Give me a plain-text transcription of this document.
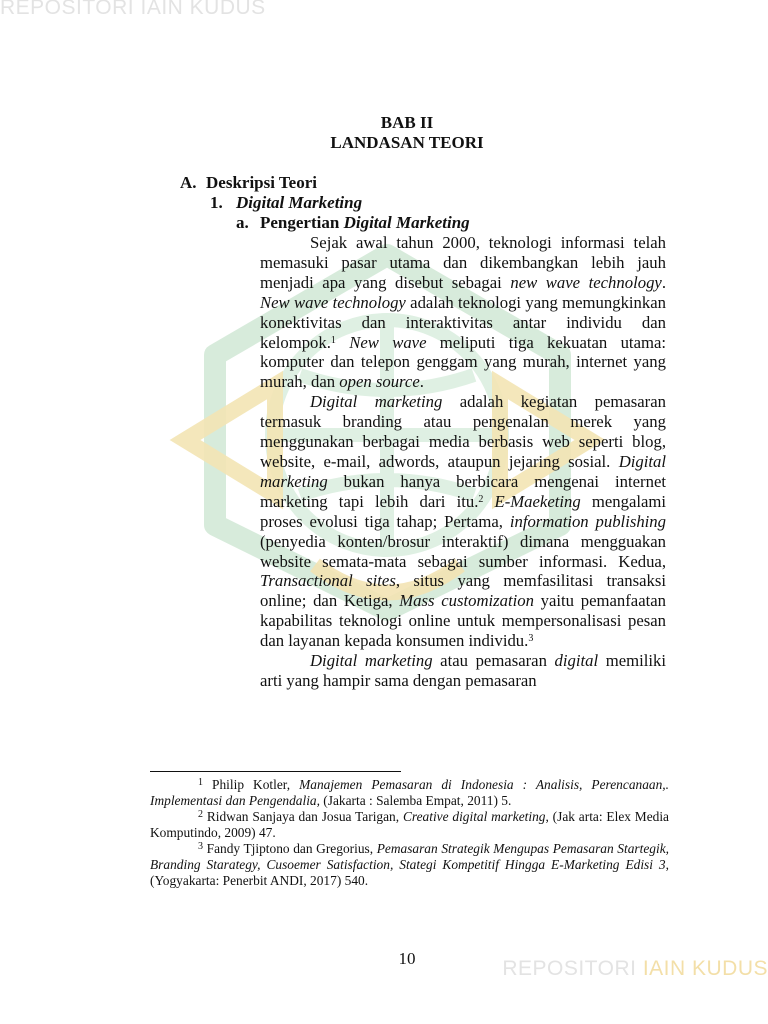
REPOSITORI IAIN KUDUS
BAB II
LANDASAN TEORI
A. Deskripsi Teori
1. Digital Marketing
a. Pengertian Digital Marketing

Sejak awal tahun 2000, teknologi informasi telah memasuki pasar utama dan dikembangkan lebih jauh menjadi apa yang disebut sebagai new wave technology. New wave technology adalah teknologi yang memungkinkan konektivitas dan interaktivitas antar individu dan kelompok.$^1$ New wave meliputi tiga kekuatan utama: komputer dan telepon genggam yang murah, internet yang murah, dan open source.

Digital marketing adalah kegiatan pemasaran termasuk branding atau pengenalan merek yang menggunakan berbagai media berbasis web seperti blog, website, e-mail, adwords, ataupun jejaring sosial. Digital marketing bukan hanya berbicara mengenai internet marketing tapi lebih dari itu.$^2$ E-Maeketing mengalami proses evolusi tiga tahap; Pertama, information publishing (penyedia konten/brosur interaktif) dimana mengguakan website semata-mata sebagai sumber informasi. Kedua, Transactional sites, situs yang memfasilitasi transaksi online; dan Ketiga, Mass customization yaitu pemanfaatan kapabilitas teknologi online untuk mempersonalisasi pesan dan layanan kepada konsumen individu.$^3$

Digital marketing atau pemasaran digital memiliki arti yang hampir sama dengan pemasaran

$^1$ Philip Kotler, Manajemen Pemasaran di Indonesia : Analisis, Perencanaan,. Implementasi dan Pengendalia, (Jakarta : Salemba Empat, 2011) 5.

$^2$ Ridwan Sanjaya dan Josua Tarigan, Creative digital marketing, (Jak arta: Elex Media Komputindo, 2009) 47.

$^3$ Fandy Tjiptono dan Gregorius, Pemasaran Strategik Mengupas Pemasaran Startegik, Branding Starategy, Cusoemer Satisfaction, Stategi Kompetitif Hingga E-Marketing Edisi 3, (Yogyakarta: Penerbit ANDI, 2017) 540.

10	REPOSITORI IAIN KUDUS
